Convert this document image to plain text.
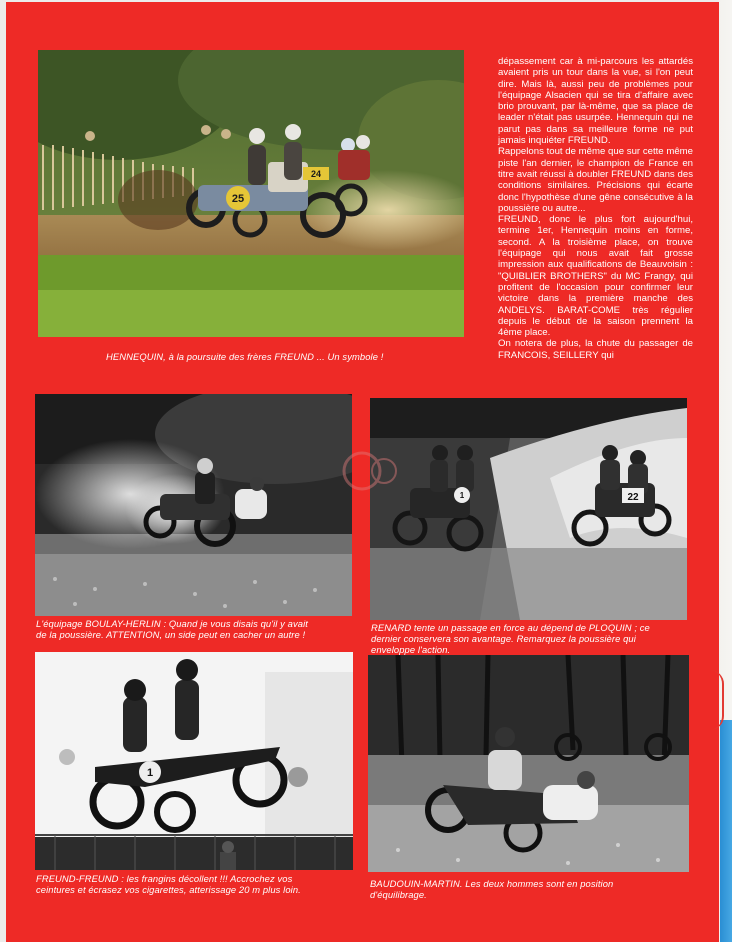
25
24
HENNEQUIN, à la poursuite des frères FREUND ... Un symbole !

dépassement car à mi-parcours les attardés avaient pris un tour dans la vue, si l'on peut dire. Mais là, aussi peu de problèmes pour l'équipage Alsacien qui se tira d'affaire avec brio prouvant, par là-même, que sa place de leader n'était pas usurpée. Hennequin qui ne parut pas dans sa meilleure forme ne put jamais inquiéter FREUND.

Rappelons tout de même que sur cette même piste l'an dernier, le champion de France en titre avait réussi à doubler FREUND dans des conditions similaires. Précisions qui écarte donc l'hypothèse d'une gêne consécutive à la poussière ou autre...

FREUND, donc le plus fort aujourd'hui, termine 1er, Hennequin moins en forme, second. A la troisième place, on trouve l'équipage qui nous avait fait grosse impression aux qualifications de Beauvoisin : "QUIBLIER BROTHERS" du MC Frangy, qui profitent de l'occasion pour confirmer leur victoire dans la première manche des ANDELYS. BARAT-COME très régulier depuis le début de la saison prennent la 4ème place.

On notera de plus, la chute du passager de FRANCOIS, SEILLERY qui

L'équipage BOULAY-HERLIN : Quand je vous disais qu'il y avait de la poussière. ATTENTION, un side peut en cacher un autre !
1	22
RENARD tente un passage en force au dépend de PLOQUIN ; ce dernier conservera son avantage. Remarquez la poussière qui enveloppe l'action.
1
FREUND-FREUND : les frangins décollent !!! Accrochez vos ceintures et écrasez vos cigarettes, atterissage 20 m plus loin.
BAUDOUIN-MARTIN. Les deux hommes sont en position d'équilibrage.
